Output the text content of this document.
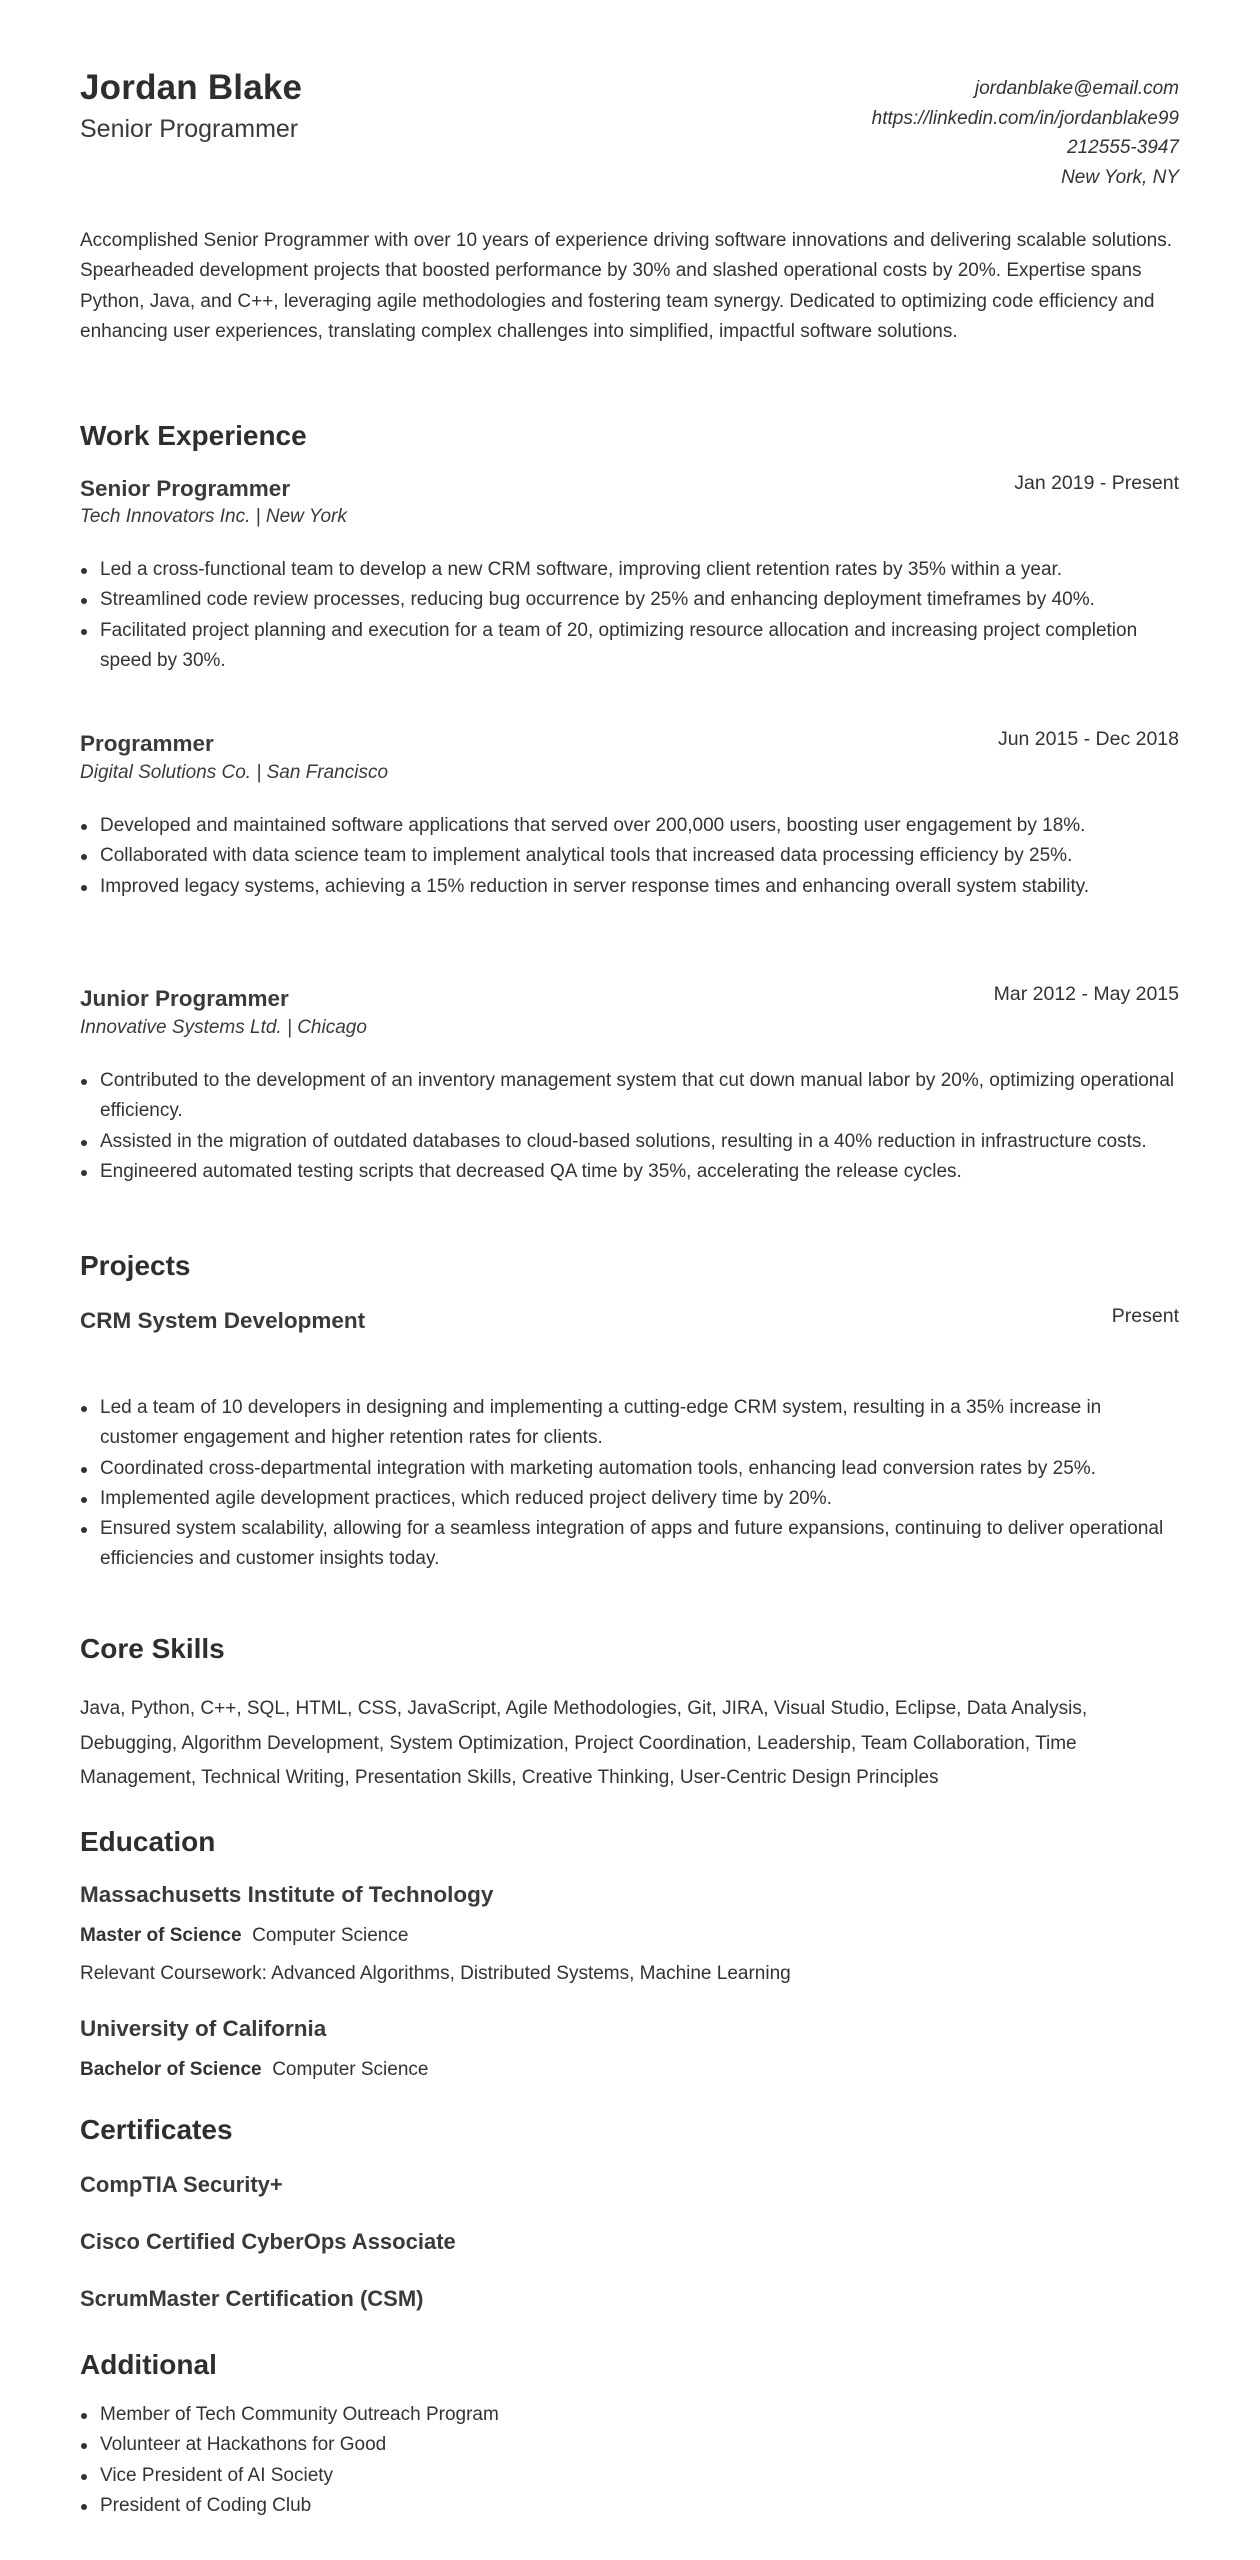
Jordan Blake
Senior Programmer
jordanblake@email.com
https://linkedin.com/in/jordanblake99
212555-3947
New York, NY
Accomplished Senior Programmer with over 10 years of experience driving software innovations and delivering scalable solutions. Spearheaded development projects that boosted performance by 30% and slashed operational costs by 20%. Expertise spans Python, Java, and C++, leveraging agile methodologies and fostering team synergy. Dedicated to optimizing code efficiency and enhancing user experiences, translating complex challenges into simplified, impactful software solutions.
Work Experience
Senior Programmer	Jan 2019 - Present
Tech Innovators Inc. | New York
Led a cross-functional team to develop a new CRM software, improving client retention rates by 35% within a year.
Streamlined code review processes, reducing bug occurrence by 25% and enhancing deployment timeframes by 40%.
Facilitated project planning and execution for a team of 20, optimizing resource allocation and increasing project completion speed by 30%.
Programmer	Jun 2015 - Dec 2018
Digital Solutions Co. | San Francisco
Developed and maintained software applications that served over 200,000 users, boosting user engagement by 18%.
Collaborated with data science team to implement analytical tools that increased data processing efficiency by 25%.
Improved legacy systems, achieving a 15% reduction in server response times and enhancing overall system stability.
Junior Programmer	Mar 2012 - May 2015
Innovative Systems Ltd. | Chicago
Contributed to the development of an inventory management system that cut down manual labor by 20%, optimizing operational efficiency.
Assisted in the migration of outdated databases to cloud-based solutions, resulting in a 40% reduction in infrastructure costs.
Engineered automated testing scripts that decreased QA time by 35%, accelerating the release cycles.
Projects
CRM System Development	Present
Led a team of 10 developers in designing and implementing a cutting-edge CRM system, resulting in a 35% increase in customer engagement and higher retention rates for clients.
Coordinated cross-departmental integration with marketing automation tools, enhancing lead conversion rates by 25%.
Implemented agile development practices, which reduced project delivery time by 20%.
Ensured system scalability, allowing for a seamless integration of apps and future expansions, continuing to deliver operational efficiencies and customer insights today.
Core Skills
Java, Python, C++, SQL, HTML, CSS, JavaScript, Agile Methodologies, Git, JIRA, Visual Studio, Eclipse, Data Analysis, Debugging, Algorithm Development, System Optimization, Project Coordination, Leadership, Team Collaboration, Time Management, Technical Writing, Presentation Skills, Creative Thinking, User-Centric Design Principles
Education
Massachusetts Institute of Technology
Master of Science Computer Science
Relevant Coursework: Advanced Algorithms, Distributed Systems, Machine Learning
University of California
Bachelor of Science Computer Science
Certificates
CompTIA Security+
Cisco Certified CyberOps Associate
ScrumMaster Certification (CSM)
Additional
Member of Tech Community Outreach Program
Volunteer at Hackathons for Good
Vice President of AI Society
President of Coding Club
